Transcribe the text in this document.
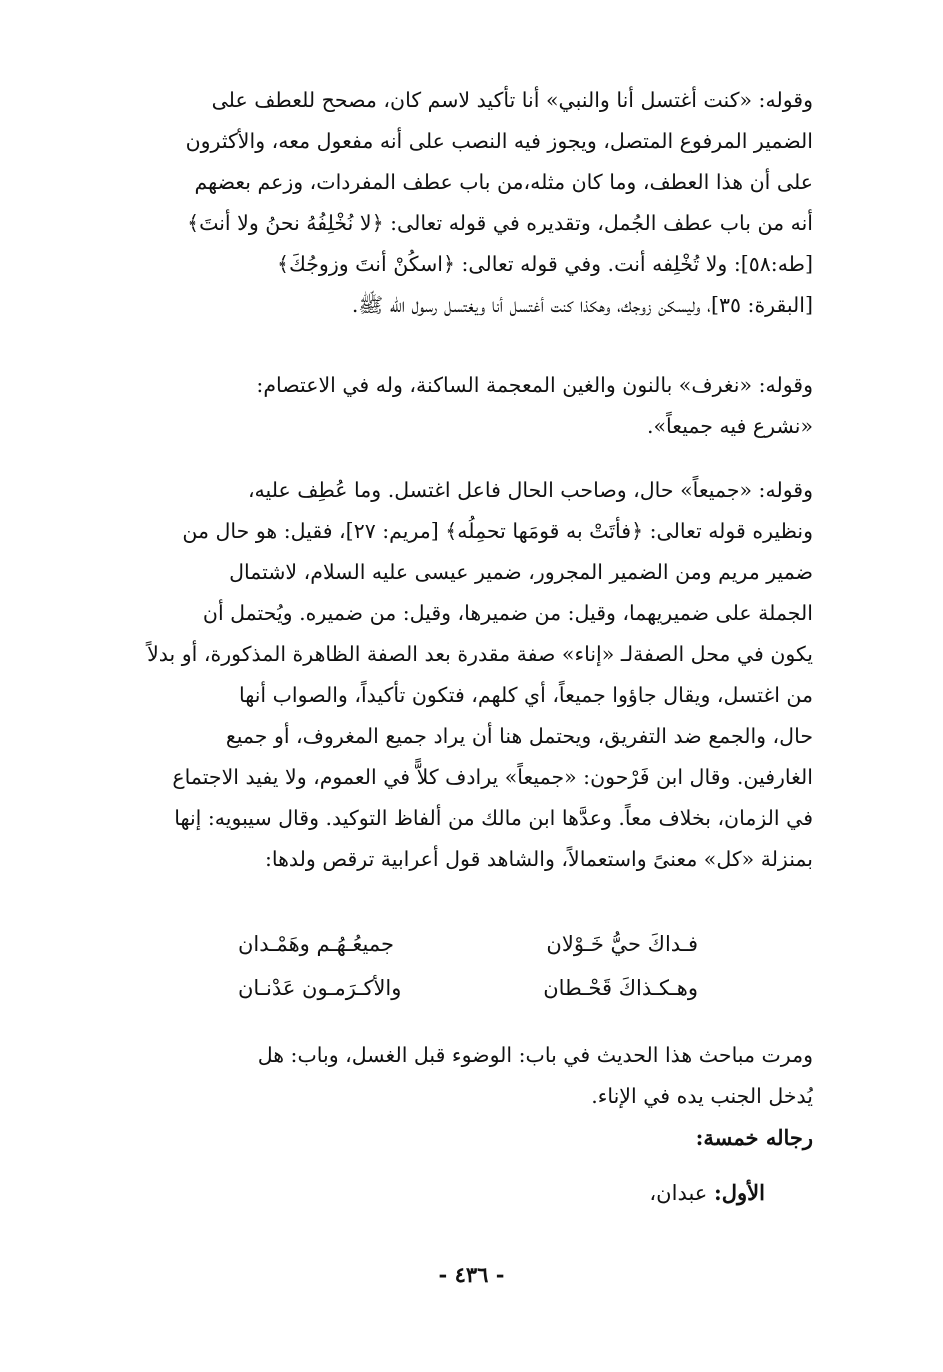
وقوله: «كنت أغتسل أنا والنبي» أنا تأكيد لاسم كان، مصحح للعطف على
الضمير المرفوع المتصل، ويجوز فيه النصب على أنه مفعول معه، والأكثرون
على أن هذا العطف، وما كان مثله،من باب عطف المفردات، وزعم بعضهم
أنه من باب عطف الجُمل، وتقديره في قوله تعالى: ﴿لا نُخْلِفُهُ نحنُ ولا أنتَ﴾
[طه:٥٨]: ولا تُخْلِفه أنت. وفي قوله تعالى: ﴿اسكُنْ أنتَ وزوجُكَ﴾
[البقرة: ٣٥]، وليسكن زوجك، وهكذا كنت أغتسل أنا ويغتسل رسول الله ﷺ.

وقوله: «نغرف» بالنون والغين المعجمة الساكنة، وله في الاعتصام:
«نشرع فيه جميعاً».

وقوله: «جميعاً» حال، وصاحب الحال فاعل اغتسل. وما عُطِف عليه،
ونظيره قوله تعالى: ﴿فأتَتْ به قومَها تحمِلُه﴾ [مريم: ٢٧]، فقيل: هو حال من
ضمير مريم ومن الضمير المجرور، ضمير عيسى عليه السلام، لاشتمال
الجملة على ضميريهما، وقيل: من ضميرها، وقيل: من ضميره. ويُحتمل أن
يكون في محل الصفةلـ «إناء» صفة مقدرة بعد الصفة الظاهرة المذكورة، أو بدلاً
من اغتسل، ويقال جاؤوا جميعاً، أي كلهم، فتكون تأكيداً، والصواب أنها
حال، والجمع ضد التفريق، ويحتمل هنا أن يراد جميع المغروف، أو جميع
الغارفين. وقال ابن فَرْحون: «جميعاً» يرادف كلاًّ في العموم، ولا يفيد الاجتماع
في الزمان، بخلاف معاً. وعدَّها ابن مالك من ألفاظ التوكيد. وقال سيبويه: إنها
بمنزلة «كل» معنىً واستعمالاً، والشاهد قول أعرابية ترقص ولدها:

فـداكَ حيُّ خَـوْلان
جميعُـهُـم وهَمْـدان
وهـكـذاكَ قَحْـطان
والأكـرَمـون عَدْنـان

ومرت مباحث هذا الحديث في باب: الوضوء قبل الغسل، وباب: هل
يُدخل الجنب يده في الإناء.

رجاله خمسة:
الأول: عبدان،
- ٤٣٦ -
